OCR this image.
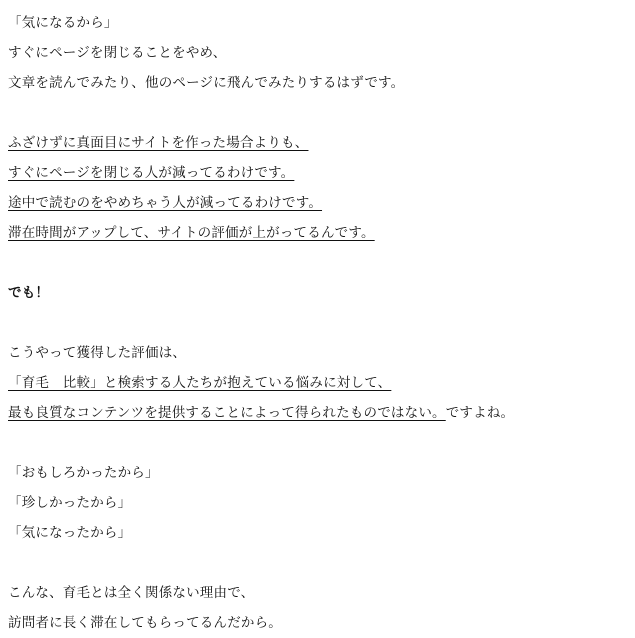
「気になるから」
すぐにページを閉じることをやめ、
文章を読んでみたり、他のページに飛んでみたりするはずです。
ふざけずに真面目にサイトを作った場合よりも、
すぐにページを閉じる人が減ってるわけです。
途中で読むのをやめちゃう人が減ってるわけです。
滞在時間がアップして、サイトの評価が上がってるんです。
でも！
こうやって獲得した評価は、
「育毛　比較」と検索する人たちが抱えている悩みに対して、
最も良質なコンテンツを提供することによって得られたものではない。ですよね。
「おもしろかったから」
「珍しかったから」
「気になったから」
こんな、育毛とは全く関係ない理由で、
訪問者に長く滞在してもらってるんだから。
